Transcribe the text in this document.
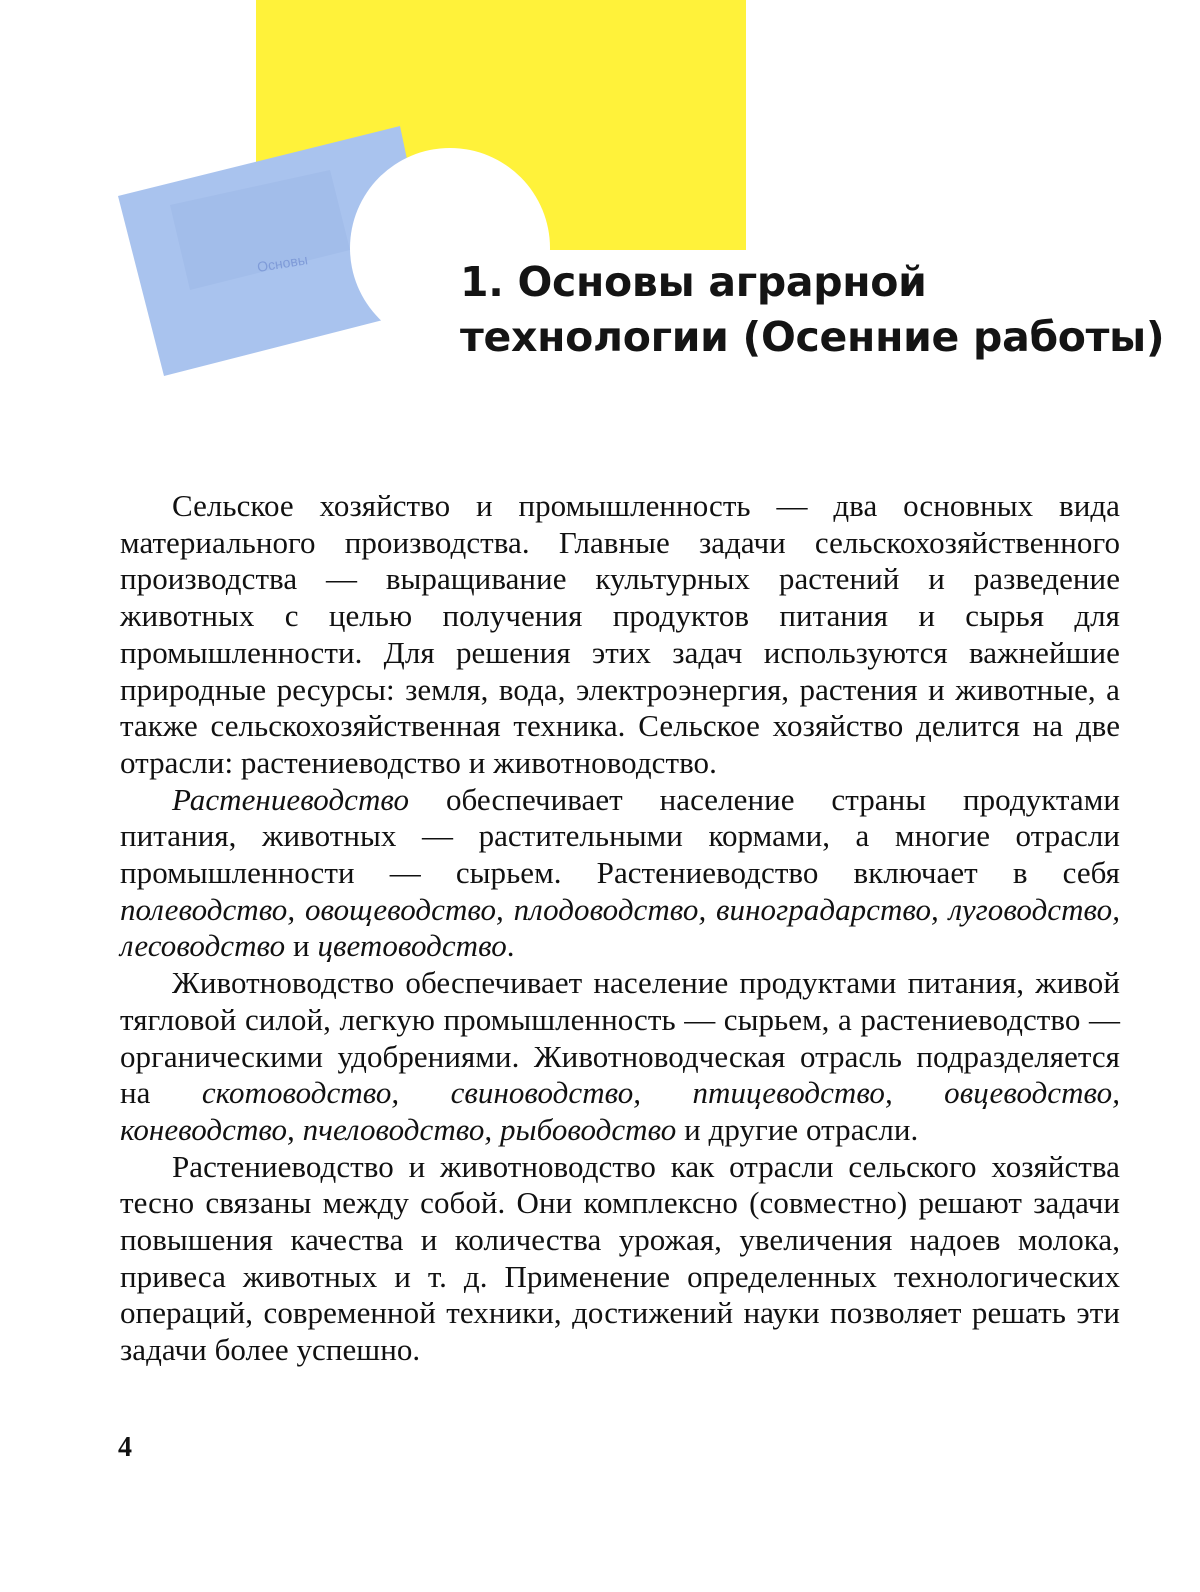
Основы	1. Основы аграрной
технологии (Осенние работы)

Сельское хозяйство и промышленность — два основных вида материального производства. Главные задачи сельскохозяйственного производства — выращивание культурных растений и разведение животных с целью получения продуктов питания и сырья для промышленности. Для решения этих задач используются важнейшие природные ресурсы: земля, вода, электроэнергия, растения и животные, а также сельскохозяйственная техника. Сельское хозяйство делится на две отрасли: растениеводство и животноводство.

Растениеводство обеспечивает население страны продуктами питания, животных — растительными кормами, а многие отрасли промышленности — сырьем. Растениеводство включает в себя полеводство, овощеводство, плодоводство, виноградарство, луговодство, лесоводство и цветоводство.

Животноводство обеспечивает население продуктами питания, живой тягловой силой, легкую промышленность — сырьем, а растениеводство — органическими удобрениями. Животноводческая отрасль подразделяется на скотоводство, свиноводство, птицеводство, овцеводство, коневодство, пчеловодство, рыбоводство и другие отрасли.

Растениеводство и животноводство как отрасли сельского хозяйства тесно связаны между собой. Они комплексно (совместно) решают задачи повышения качества и количества урожая, увеличения надоев молока, привеса животных и т. д. Применение определенных технологических операций, современной техники, достижений науки позволяет решать эти задачи более успешно.

4
